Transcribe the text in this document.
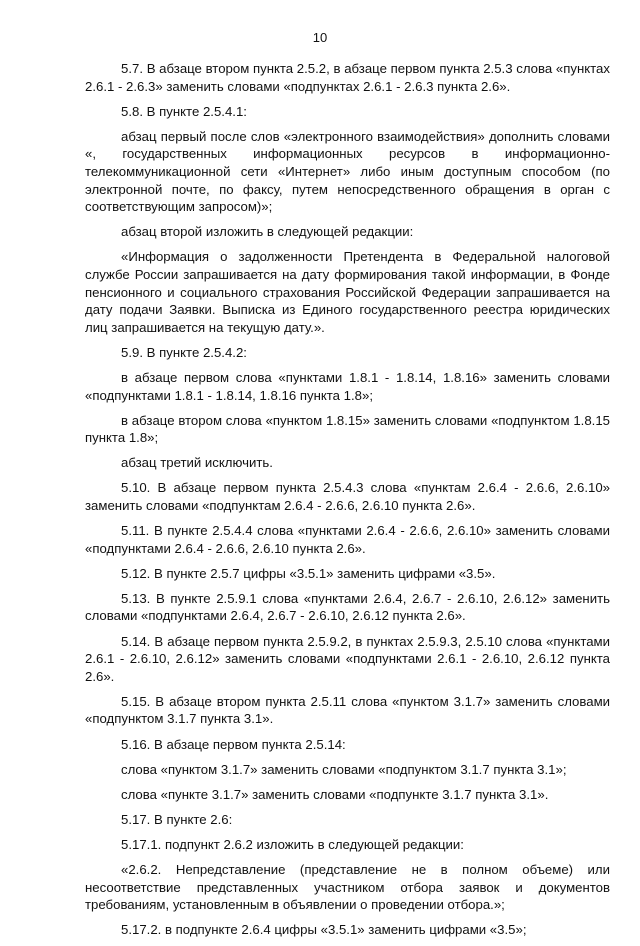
10

5.7. В абзаце втором пункта 2.5.2, в абзаце первом пункта 2.5.3 слова «пунктах 2.6.1 - 2.6.3» заменить словами «подпунктах 2.6.1 - 2.6.3 пункта 2.6».

5.8. В пункте 2.5.4.1:

абзац первый после слов «электронного взаимодействия» дополнить словами «, государственных информационных ресурсов в информационно-телекоммуникационной сети «Интернет» либо иным доступным способом (по электронной почте, по факсу, путем непосредственного обращения в орган с соответствующим запросом)»;

абзац второй изложить в следующей редакции:

«Информация о задолженности Претендента в Федеральной налоговой службе России запрашивается на дату формирования такой информации, в Фонде пенсионного и социального страхования Российской Федерации запрашивается на дату подачи Заявки. Выписка из Единого государственного реестра юридических лиц запрашивается на текущую дату.».

5.9. В пункте 2.5.4.2:

в абзаце первом слова «пунктами 1.8.1 - 1.8.14, 1.8.16» заменить словами «подпунктами 1.8.1 - 1.8.14, 1.8.16 пункта 1.8»;

в абзаце втором слова «пунктом 1.8.15» заменить словами «подпунктом 1.8.15 пункта 1.8»;

абзац третий исключить.

5.10. В абзаце первом пункта 2.5.4.3 слова «пунктам 2.6.4 - 2.6.6, 2.6.10» заменить словами «подпунктам 2.6.4 - 2.6.6, 2.6.10 пункта 2.6».

5.11. В пункте 2.5.4.4 слова «пунктами 2.6.4 - 2.6.6, 2.6.10» заменить словами «подпунктами 2.6.4 - 2.6.6, 2.6.10 пункта 2.6».

5.12. В пункте 2.5.7 цифры «3.5.1» заменить цифрами «3.5».

5.13. В пункте 2.5.9.1 слова «пунктами 2.6.4, 2.6.7 - 2.6.10, 2.6.12» заменить словами «подпунктами 2.6.4, 2.6.7 - 2.6.10, 2.6.12 пункта 2.6».

5.14. В абзаце первом пункта 2.5.9.2, в пунктах 2.5.9.3, 2.5.10 слова «пунктами 2.6.1 - 2.6.10, 2.6.12» заменить словами «подпунктами 2.6.1 - 2.6.10, 2.6.12 пункта 2.6».

5.15. В абзаце втором пункта 2.5.11 слова «пунктом 3.1.7» заменить словами «подпунктом 3.1.7 пункта 3.1».

5.16. В абзаце первом пункта 2.5.14:

слова «пунктом 3.1.7» заменить словами «подпунктом 3.1.7 пункта 3.1»;

слова «пункте 3.1.7» заменить словами «подпункте 3.1.7 пункта 3.1».

5.17. В пункте 2.6:

5.17.1. подпункт 2.6.2 изложить в следующей редакции:

«2.6.2. Непредставление (представление не в полном объеме) или несоответствие представленных участником отбора заявок и документов требованиям, установленным в объявлении о проведении отбора.»;

5.17.2. в подпункте 2.6.4 цифры «3.5.1» заменить цифрами «3.5»;
